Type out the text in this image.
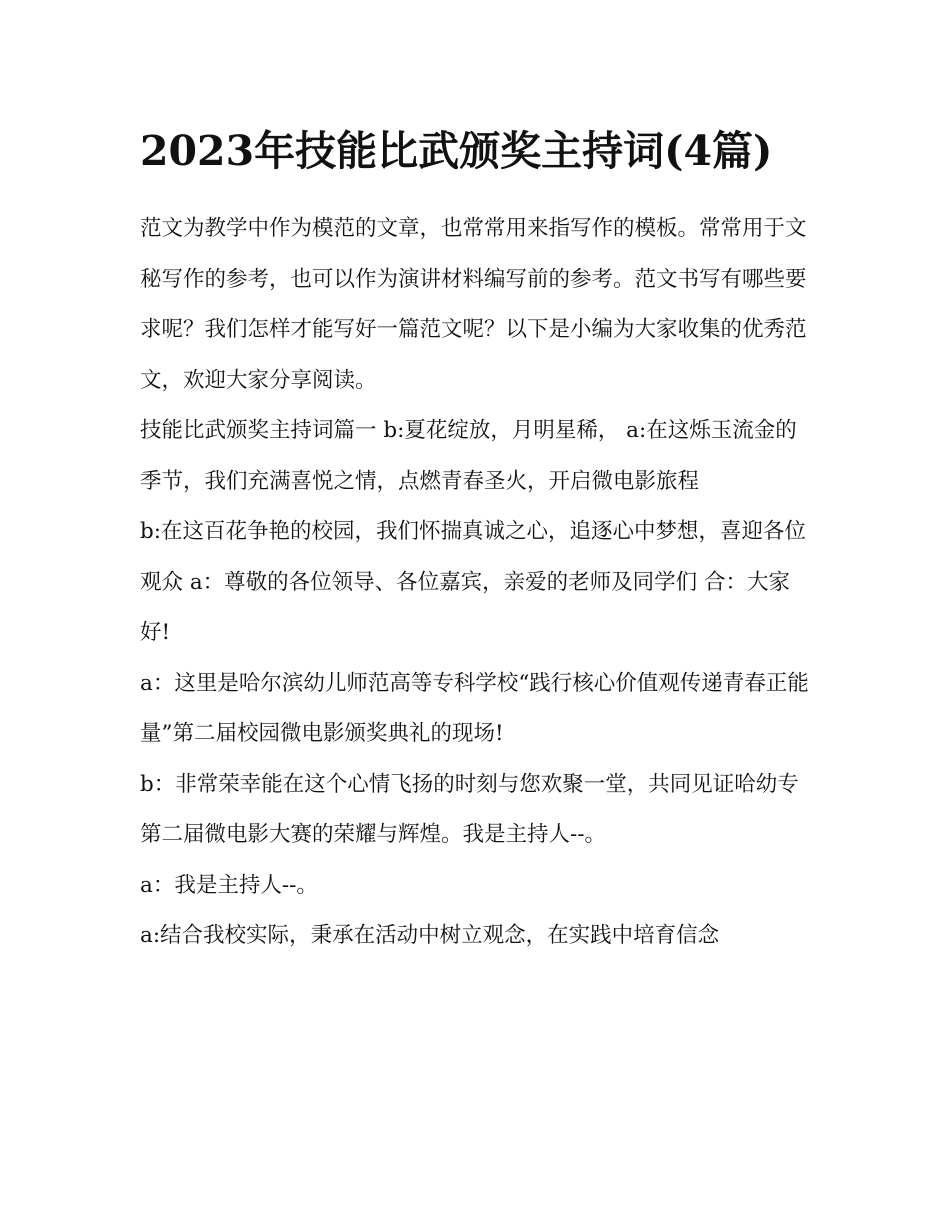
2023年技能比武颁奖主持词(4篇)

范文为教学中作为模范的文章，也常常用来指写作的模板。常常用于文秘写作的参考，也可以作为演讲材料编写前的参考。范文书写有哪些要求呢？我们怎样才能写好一篇范文呢？以下是小编为大家收集的优秀范文，欢迎大家分享阅读。

技能比武颁奖主持词篇一 b:夏花绽放，月明星稀， a:在这烁玉流金的季节，我们充满喜悦之情，点燃青春圣火，开启微电影旅程

b:在这百花争艳的校园，我们怀揣真诚之心，追逐心中梦想，喜迎各位观众 a：尊敬的各位领导、各位嘉宾，亲爱的老师及同学们 合：大家好!

a：这里是哈尔滨幼儿师范高等专科学校“践行核心价值观传递青春正能量”第二届校园微电影颁奖典礼的现场!

b：非常荣幸能在这个心情飞扬的时刻与您欢聚一堂，共同见证哈幼专第二届微电影大赛的荣耀与辉煌。我是主持人--。

a：我是主持人--。

a:结合我校实际，秉承在活动中树立观念，在实践中培育信念
